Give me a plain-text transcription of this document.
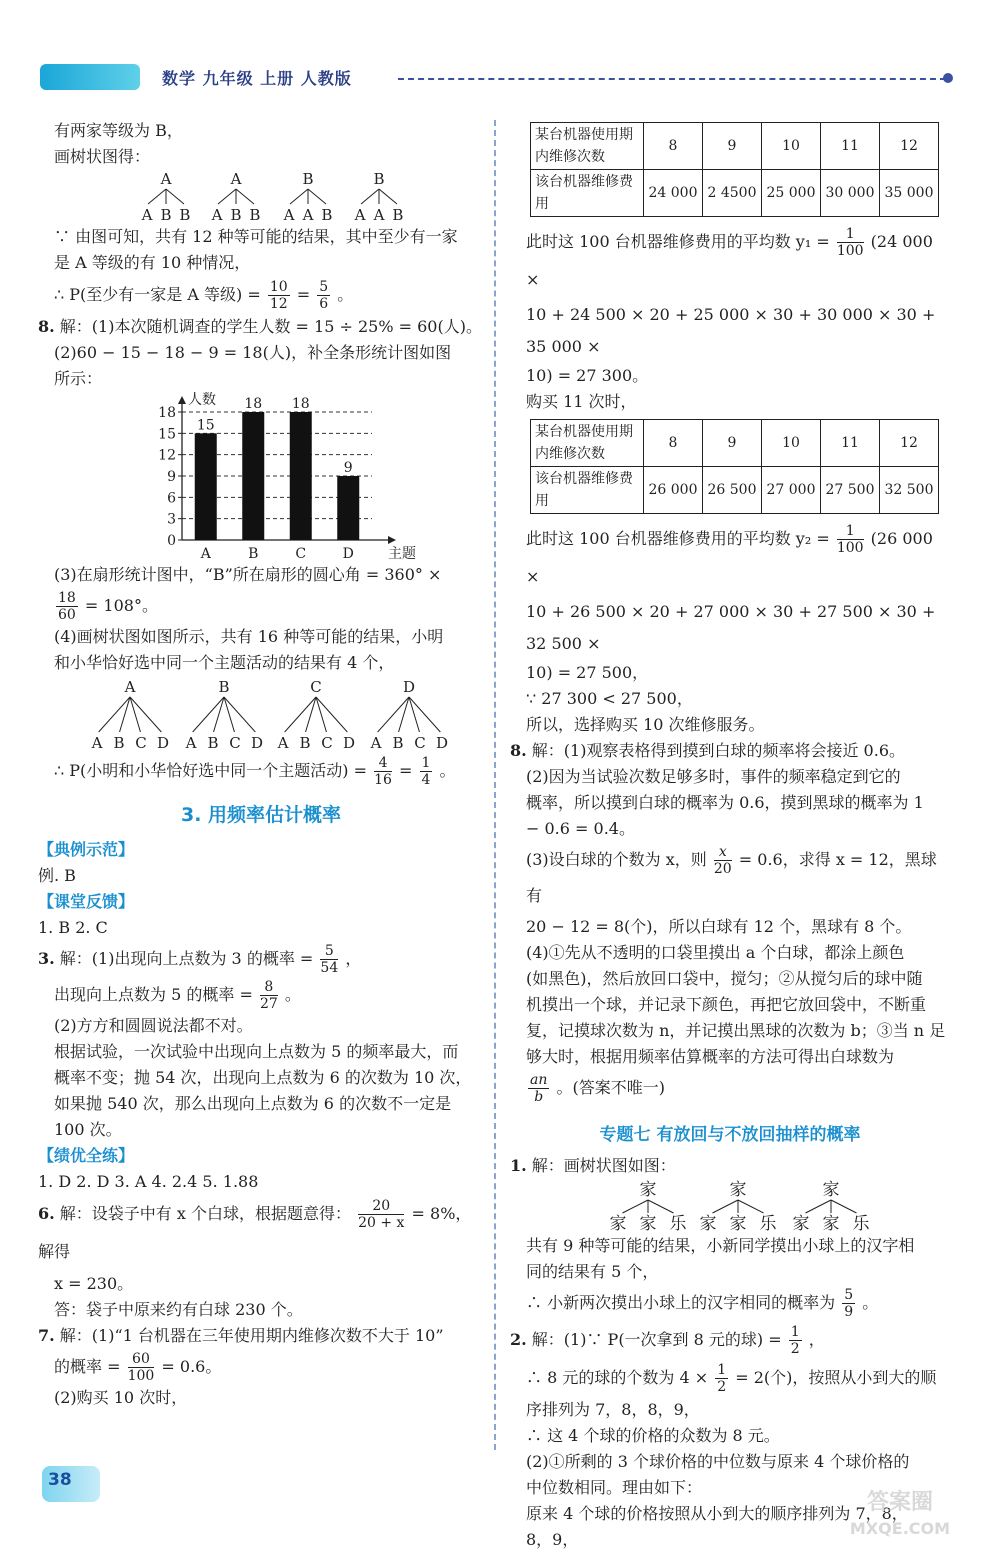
数学 九年级 上册 人教版

有两家等级为 B，

画树状图得：

A
A B B
A
A B B
B
A A B
B
A A B

∵ 由图可知，共有 12 种等可能的结果，其中至少有一家

是 A 等级的有 10 种情况，

∴ P(至少有一家是 A 等级) = $\frac{10}{12} = \frac{5}{6}$ 。

8. 解：(1)本次随机调查的学生人数 = 15 ÷ 25% = 60(人)。

(2)60 − 15 − 18 − 9 = 18(人)，补全条形统计图如图

所示：

0
3
6
9
12
15
18
人数
主题
15
A
18
B
18
C
9
D

(3)在扇形统计图中，“B”所在扇形的圆心角 = 360° ×

$\frac{18}{60} = 108^\circ$。

(4)画树状图如图所示，共有 16 种等可能的结果，小明

和小华恰好选中同一个主题活动的结果有 4 个，

A
A B C D
B
A B C D
C
A B C D
D
A B C D

∴ P(小明和小华恰好选中同一个主题活动) = $\frac{4}{16} = \frac{1}{4}$ 。

3. 用频率估计概率

【典例示范】

例. B

【课堂反馈】

1. B 2. C

3. 解：(1)出现向上点数为 3 的概率 = $\frac{5}{54}$ ，

出现向上点数为 5 的概率 = $\frac{8}{27}$ 。

(2)方方和圆圆说法都不对。

根据试验，一次试验中出现向上点数为 5 的频率最大，而

概率不变；抛 54 次，出现向上点数为 6 的次数为 10 次，

如果抛 540 次，那么出现向上点数为 6 的次数不一定是

100 次。

【绩优全练】

1. D 2. D 3. A 4. 2.4 5. 1.88

6. 解：设袋子中有 x 个白球，根据题意得： $\frac{20}{20 + x} = 8\%$，解得

x = 230。

答：袋子中原来约有白球 230 个。

7. 解：(1)“1 台机器在三年使用期内维修次数不大于 10”

的概率 = $\frac{60}{100} = 0.6$。

(2)购买 10 次时，

某台机器使用期内维修次数	8	9	10	11	12
该台机器维修费用	24 000	2 4500	25 000	30 000	35 000

此时这 100 台机器维修费用的平均数 $y_1 = \frac{1}{100} (24$ 000 ×

10 + 24 500 × 20 + 25 000 × 30 + 30 000 × 30 + 35 000 ×

10) = 27 300。

购买 11 次时，

某台机器使用期内维修次数	8	9	10	11	12
该台机器维修费用	26 000	26 500	27 000	27 500	32 500

此时这 100 台机器维修费用的平均数 $y_2 = \frac{1}{100} (26$ 000 ×

10 + 26 500 × 20 + 27 000 × 30 + 27 500 × 30 + 32 500 ×

10) = 27 500，

∵ 27 300 < 27 500，

所以，选择购买 10 次维修服务。

8. 解：(1)观察表格得到摸到白球的频率将会接近 0.6。

(2)因为当试验次数足够多时，事件的频率稳定到它的

概率，所以摸到白球的概率为 0.6，摸到黑球的概率为 1

− 0.6 = 0.4。

(3)设白球的个数为 x，则 $\frac{x}{20} = 0.6$，求得 x = 12，黑球有

20 − 12 = 8(个)，所以白球有 12 个，黑球有 8 个。

(4)①先从不透明的口袋里摸出 a 个白球，都涂上颜色

(如黑色)，然后放回口袋中，搅匀；②从搅匀后的球中随

机摸出一个球，并记录下颜色，再把它放回袋中，不断重

复，记摸球次数为 n，并记摸出黑球的次数为 b；③当 n 足

够大时，根据用频率估算概率的方法可得出白球数为

$\frac{an}{b}$ 。(答案不唯一)

专题七 有放回与不放回抽样的概率

1. 解：画树状图如图：

家
家 家 乐
家
家 家 乐
家
家 家 乐

共有 9 种等可能的结果，小新同学摸出小球上的汉字相

同的结果有 5 个，

∴ 小新两次摸出小球上的汉字相同的概率为 $\frac{5}{9}$ 。

2. 解：(1)∵ P(一次拿到 8 元的球) = $\frac{1}{2}$ ，

∴ 8 元的球的个数为 $4 \times \frac{1}{2} = 2$(个)，按照从小到大的顺

序排列为 7，8，8，9，

∴ 这 4 个球的价格的众数为 8 元。

(2)①所剩的 3 个球价格的中位数与原来 4 个球价格的

中位数相同。理由如下：

原来 4 个球的价格按照从小到大的顺序排列为 7，8，

8，9，

38
答案圈
MXQE.COM
